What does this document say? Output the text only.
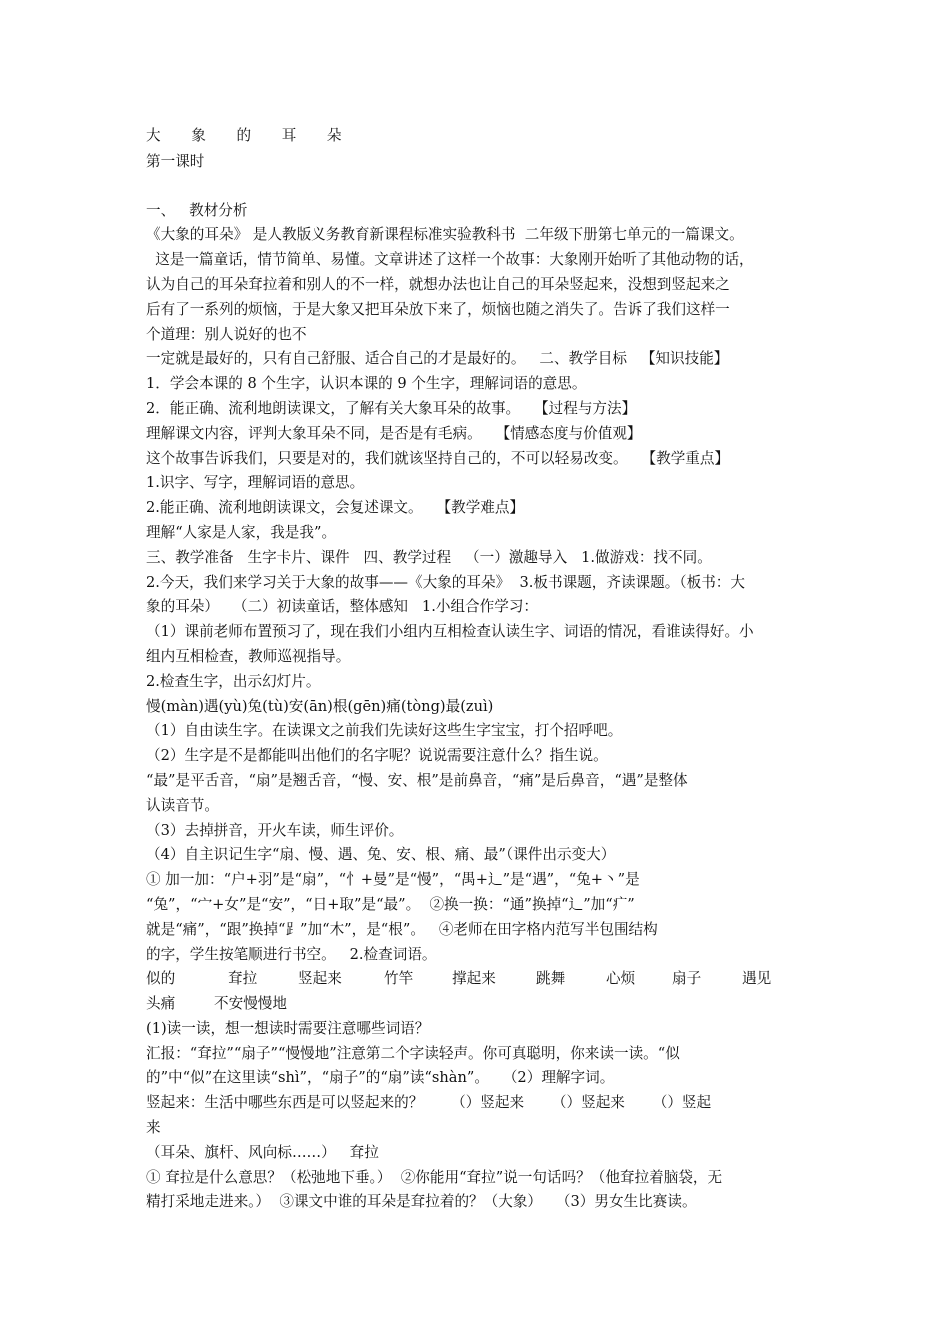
大 象 的 耳 朵
第一课时
一、   教材分析
《大象的耳朵》 是人教版义务教育新课程标准实验教科书  二年级下册第七单元的一篇课文。
这是一篇童话，情节简单、易懂。文章讲述了这样一个故事：大象刚开始听了其他动物的话，
认为自己的耳朵耷拉着和别人的不一样，就想办法也让自己的耳朵竖起来，没想到竖起来之
后有了一系列的烦恼，于是大象又把耳朵放下来了，烦恼也随之消失了。告诉了我们这样一
个道理：别人说好的也不
一定就是最好的，只有自己舒服、适合自己的才是最好的。   二、教学目标   【知识技能】
1．学会本课的 8 个生字，认识本课的 9 个生字，理解词语的意思。
2．能正确、流利地朗读课文，了解有关大象耳朵的故事。   【过程与方法】
理解课文内容，评判大象耳朵不同，是否是有毛病。   【情感态度与价值观】
这个故事告诉我们，只要是对的，我们就该坚持自己的，不可以轻易改变。   【教学重点】
1.识字、写字，理解词语的意思。
2.能正确、流利地朗读课文，会复述课文。   【教学难点】
理解“人家是人家，我是我”。
三、教学准备   生字卡片、课件   四、教学过程   （一）激趣导入   1.做游戏：找不同。
2.今天，我们来学习关于大象的故事——《大象的耳朵》  3.板书课题，齐读课题。（板书：大
象的耳朵）   （二）初读童话，整体感知   1.小组合作学习：
（1）课前老师布置预习了，现在我们小组内互相检查认读生字、词语的情况，看谁读得好。小
组内互相检查，教师巡视指导。
2.检查生字，出示幻灯片。
慢(màn)遇(yù)兔(tù)安(ān)根(gēn)痛(tòng)最(zuì)
（1）自由读生字。在读课文之前我们先读好这些生字宝宝，打个招呼吧。
（2）生字是不是都能叫出他们的名字呢？说说需要注意什么？指生说。
“最”是平舌音，“扇”是翘舌音，“慢、安、根”是前鼻音，“痛”是后鼻音，“遇”是整体
认读音节。
（3）去掉拼音，开火车读，师生评价。
（4）自主识记生字“扇、慢、遇、兔、安、根、痛、最”（课件出示变大）
① 加一加：“户+羽”是“扇”，“忄+曼”是“慢”，“禺+辶”是“遇”，“兔+丶”是
“兔”，“宀+女”是“安”，“日+取”是“最”。  ②换一换：“通”换掉“辶”加“疒”
就是“痛”，“跟”换掉“⻊”加“木”，是“根”。   ④老师在田字格内范写半包围结构
的字，学生按笔顺进行书空。   2.检查词语。
似的	耷拉	竖起来	竹竿	撑起来	跳舞	心烦	扇子	遇见
头痛	不安慢慢地
(1)读一读，想一想读时需要注意哪些词语？
汇报：“耷拉”“扇子”“慢慢地”注意第二个字读轻声。你可真聪明，你来读一读。“似
的”中“似”在这里读“shì”，“扇子”的“扇”读“shàn”。   （2）理解字词。
竖起来：生活中哪些东西是可以竖起来的？      （）竖起来      （）竖起来      （）竖起
来
（耳朵、旗杆、风向标……）   耷拉
① 耷拉是什么意思？（松弛地下垂。）  ②你能用“耷拉”说一句话吗？（他耷拉着脑袋，无
精打采地走进来。）  ③课文中谁的耳朵是耷拉着的？（大象）   （3）男女生比赛读。
